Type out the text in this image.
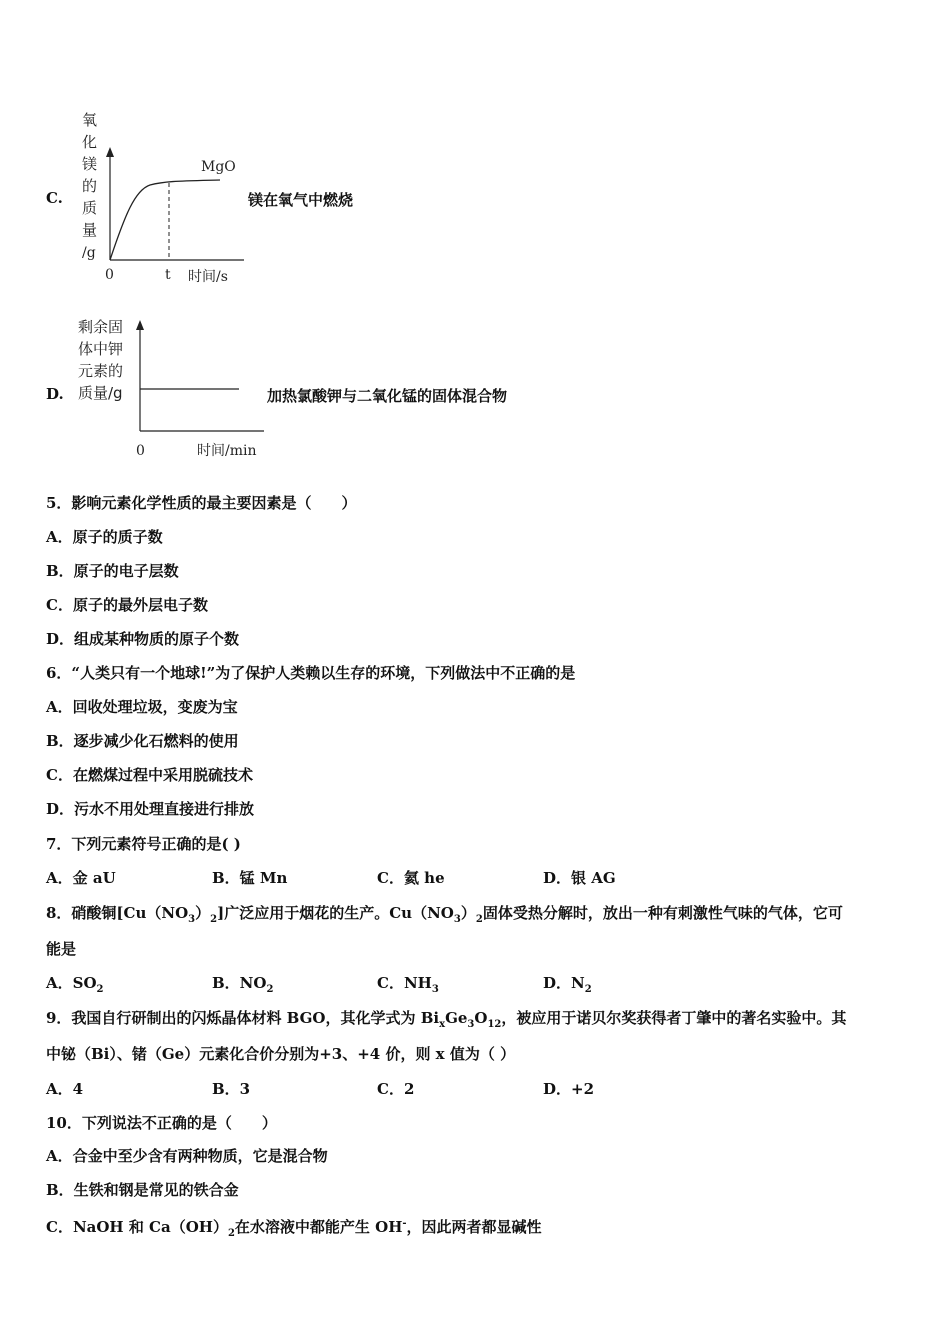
C.
氧
化
镁
的
质
量
/g
MgO
0	t 时间/s
镁在氧气中燃烧
D.
剩余固
体中钾
元素的
质量/g
0	时间/min
加热氯酸钾与二氧化锰的固体混合物
5．影响元素化学性质的最主要因素是（　　）
A．原子的质子数
B．原子的电子层数
C．原子的最外层电子数
D．组成某种物质的原子个数
6．“人类只有一个地球!”为了保护人类赖以生存的环境，下列做法中不正确的是
A．回收处理垃圾，变废为宝
B．逐步减少化石燃料的使用
C．在燃煤过程中采用脱硫技术
D．污水不用处理直接进行排放
7．下列元素符号正确的是( )
A．金 aU	B．锰 Mn	C．氦 he	D．银 AG
8．硝酸铜$[Cu(NO_3)_2]$广泛应用于烟花的生产。$Cu(NO_3)_2$固体受热分解时，放出一种有刺激性气味的气体，它可
能是
A．$SO_2$	B．$NO_2$	C．$NH_3$	D．$N_2$
9．我国自行研制出的闪烁晶体材料 BGO，其化学式为 $Bi_xGe_3O_{12}$，被应用于诺贝尔奖获得者丁肇中的著名实验中。其
中铋（Bi）、锗（Ge）元素化合价分别为+3、+4 价，则 x 值为（ ）
A．4	B．3	C．2	D．+2
10．下列说法不正确的是（　　）
A．合金中至少含有两种物质，它是混合物
B．生铁和钢是常见的铁合金
C．NaOH 和 $Ca(OH)_2$在水溶液中都能产生 OH-，因此两者都显碱性
